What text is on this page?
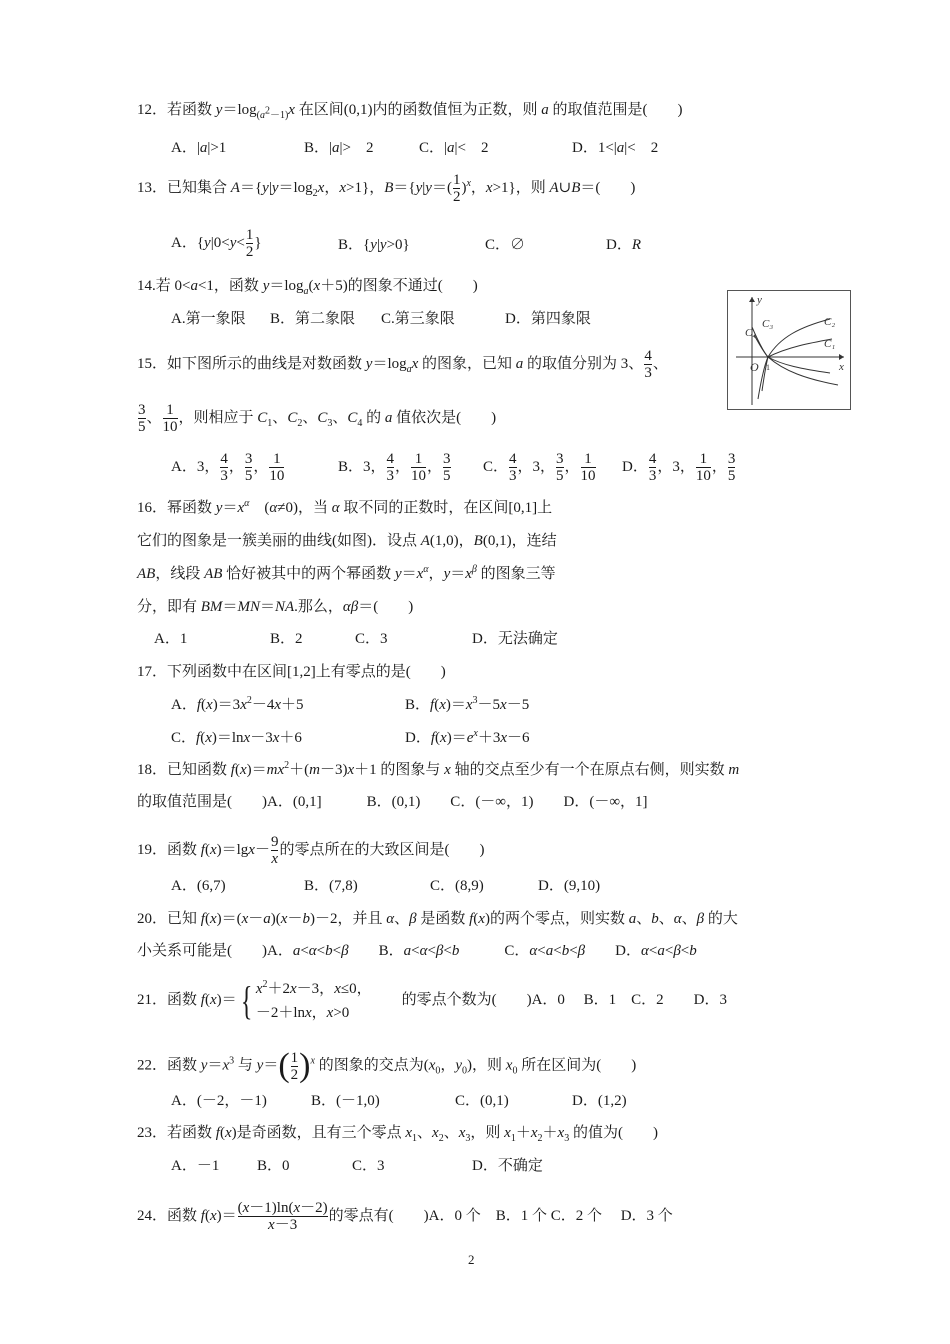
12．若函数 $y=\log_{(a^2-1)}x$ 在区间(0,1)内的函数值恒为正数，则 a 的取值范围是(　　)
A．|a|>1	B．|a|>　2	C．|a|<　2	D．1<|a|<　2
13．已知集合 $A=\{y|y=\log_2x$，x>1}，$B=\{y|y=( \frac{1}{2} )^x$，x>1}，则 A∪B＝(　　)
A．{$y|0<y< \frac{1}{2}$ }	B．{y|y>0}	C．∅	D．R
14.若 0<a<1，函数 $y=\log_a(x+5)$的图象不通过(　　)
A.第一象限 B．第二象限 C.第三象限	D．第四象限
y
x
O 1
C₁
C₂
C₃
C₄
15．如下图所示的曲线是对数函数 $y=\log_ax$ 的图象，已知 a 的取值分别为 3、 $\frac{4}{3}$ 、
$\frac{3}{5}$ 、 $\frac{1}{10}$ ，则相应于 $C_1$、$C_2$、$C_3$、$C_4$ 的 a 值依次是(　　)
A．3， $\frac{4}{3}$ ， $\frac{3}{5}$ ， $\frac{1}{10}$	B．3， $\frac{4}{3}$ ， $\frac{1}{10}$ ， $\frac{3}{5}$ C． $\frac{4}{3}$ ，3， $\frac{3}{5}$ ， $\frac{1}{10}$ D． $\frac{4}{3}$ ，3， $\frac{1}{10}$ ， $\frac{3}{5}$
16．幂函数 $y=x^\alpha$　(α≠0)，当 α 取不同的正数时，在区间[0,1]上
它们的图象是一簇美丽的曲线(如图)．设点 A(1,0)，B(0,1)，连结
AB，线段 AB 恰好被其中的两个幂函数 $y=x^\alpha$，$y=x^\beta$ 的图象三等
分，即有 BM＝MN＝NA.那么，αβ＝(　　)
A．1	B．2	C．3	D．无法确定
17．下列函数中在区间[1,2]上有零点的是(　　)
A．$f(x)=3x^2-4x+5$	B．$f(x)=x^3-5x-5$
C．f(x)＝lnx－3x＋6	D．$f(x)=e^x+3x-6$
18．已知函数 $f(x)=mx^2+(m-3)x+1$ 的图象与 x 轴的交点至少有一个在原点右侧，则实数 m
的取值范围是(　　)A．(0,1]　　　B．(0,1)　　C．(－∞，1)　　D．(－∞，1]
19．函数 $f(x)=\lg x- \frac{9}{x}$ 的零点所在的大致区间是(　　)
A．(6,7)	B．(7,8)	C．(8,9)	D．(9,10)
20．已知 f(x)＝(x－a)(x－b)－2，并且 α、β 是函数 f(x)的两个零点，则实数 a、b、α、β 的大
小关系可能是(　　)A．a<α<b<β　　B．a<α<β<b　　　C．α<a<b<β　　D．α<a<β<b
21．函数 f(x)＝{ $x^2+2x-3$，x≤0，
－2＋lnx，x>0
　　的零点个数为(　　)A．0　 B．1　C．2　　D．3
22．函数 $y=x^3$ 与 $y=( \frac{1}{2} )^x$ 的图象的交点为($x_0$，$y_0$)，则 $x_0$ 所在区间为(　　)
A．(－2，－1)	B．(－1,0)	C．(0,1)	D．(1,2)
23．若函数 f(x)是奇函数，且有三个零点 $x_1$、$x_2$、$x_3$，则 $x_1+x_2+x_3$ 的值为(　　)
A．－1	B．0	C．3	D．不确定
24．函数 $f(x)= \frac{(x-1)\ln(x-2)}{x-3}$ 的零点有(　　)A．0 个　B．1 个 C．2 个　 D．3 个
2
